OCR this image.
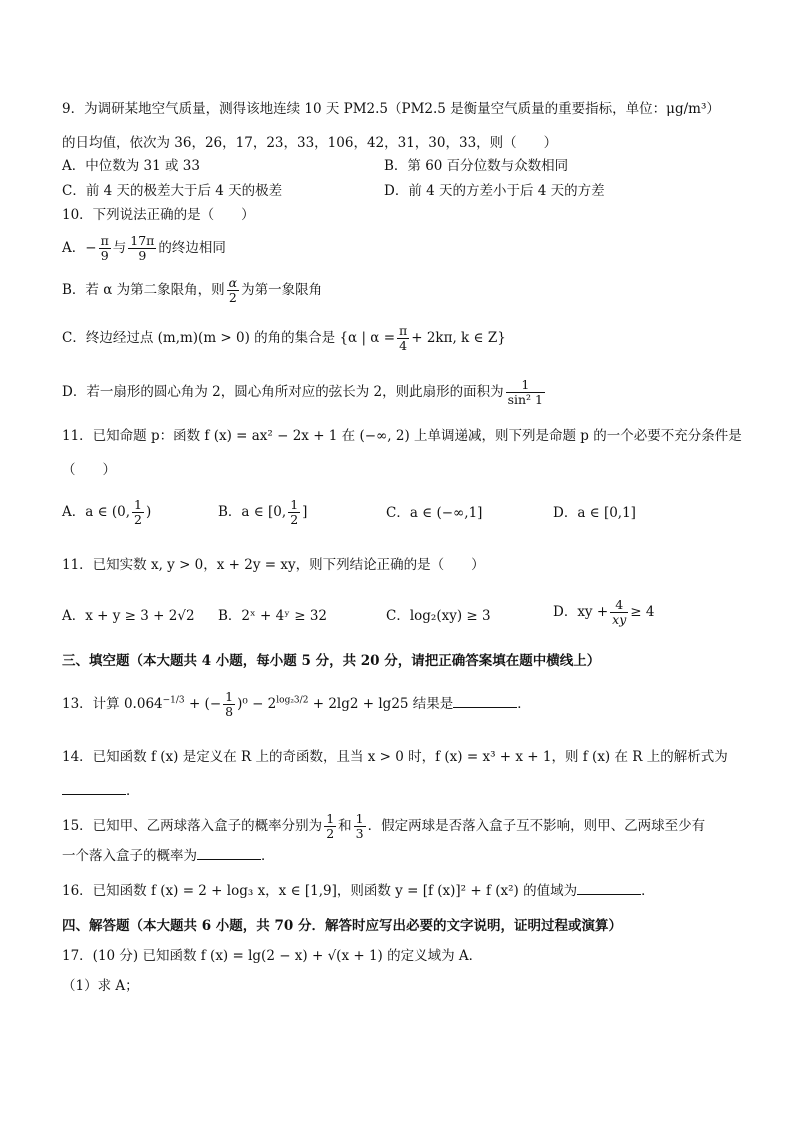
9．为调研某地空气质量，测得该地连续 10 天 PM2.5（PM2.5 是衡量空气质量的重要指标，单位：μg/m³）
的日均值，依次为 36，26，17，23，33，106，42，31，30，33，则（　　）
A．中位数为 31 或 33	B．第 60 百分位数与众数相同
C．前 4 天的极差大于后 4 天的极差	D．前 4 天的方差小于后 4 天的方差
10．下列说法正确的是（　　）
A．− $\frac{\pi}{9}$ 与 $\frac{17\pi}{9}$ 的终边相同
B．若 α 为第二象限角，则 $\frac{\alpha}{2}$ 为第一象限角
C．终边经过点 (m,m)(m > 0) 的角的集合是 {α | $\alpha = \frac{\pi}{4} + 2k\pi$, k ∈ Z}
D．若一扇形的圆心角为 2，圆心角所对应的弦长为 2，则此扇形的面积为 $\frac{1}{\text{sin² 1}}$
11．已知命题 p：函数 f (x) = ax² − 2x + 1 在 (−∞, 2) 上单调递减，则下列是命题 p 的一个必要不充分条件是
（　　）
A．a ∈ (0, $\frac{1}{2}$ )	B．a ∈ [0, $\frac{1}{2}$ ]	C．a ∈ (−∞,1]	D．a ∈ [0,1]
11．已知实数 x, y > 0，x + 2y = xy，则下列结论正确的是（　　）
A．x + y ≥ 3 + 2√2 B．2ˣ + 4ʸ ≥ 32	C．log₂(xy) ≥ 3	D．xy + $\frac{4}{xy} \ge 4$
三、填空题（本大题共 4 小题，每小题 5 分，共 20 分，请把正确答案填在题中横线上）
13．计算 $0.064^{-1/3}$ + (− $\frac{1}{8} )^0 - 2^{log_23/2} + 2\lg 2 + \lg 25$ 结果是	．
14．已知函数 f (x) 是定义在 R 上的奇函数，且当 x > 0 时，f (x) = x³ + x + 1，则 f (x) 在 R 上的解析式为
．
15．已知甲、乙两球落入盒子的概率分别为 $\frac{1}{2}$ 和 $\frac{1}{3}$ ．假定两球是否落入盒子互不影响，则甲、乙两球至少有
一个落入盒子的概率为	．
16．已知函数 f (x) = 2 + log₃ x，x ∈ [1,9]，则函数 y = [f (x)]² + f (x²) 的值域为	．
四、解答题（本大题共 6 小题，共 70 分．解答时应写出必要的文字说明，证明过程或演算）
17．(10 分) 已知函数 f (x) = lg(2 − x) + √(x + 1) 的定义域为 A．
（1）求 A；
